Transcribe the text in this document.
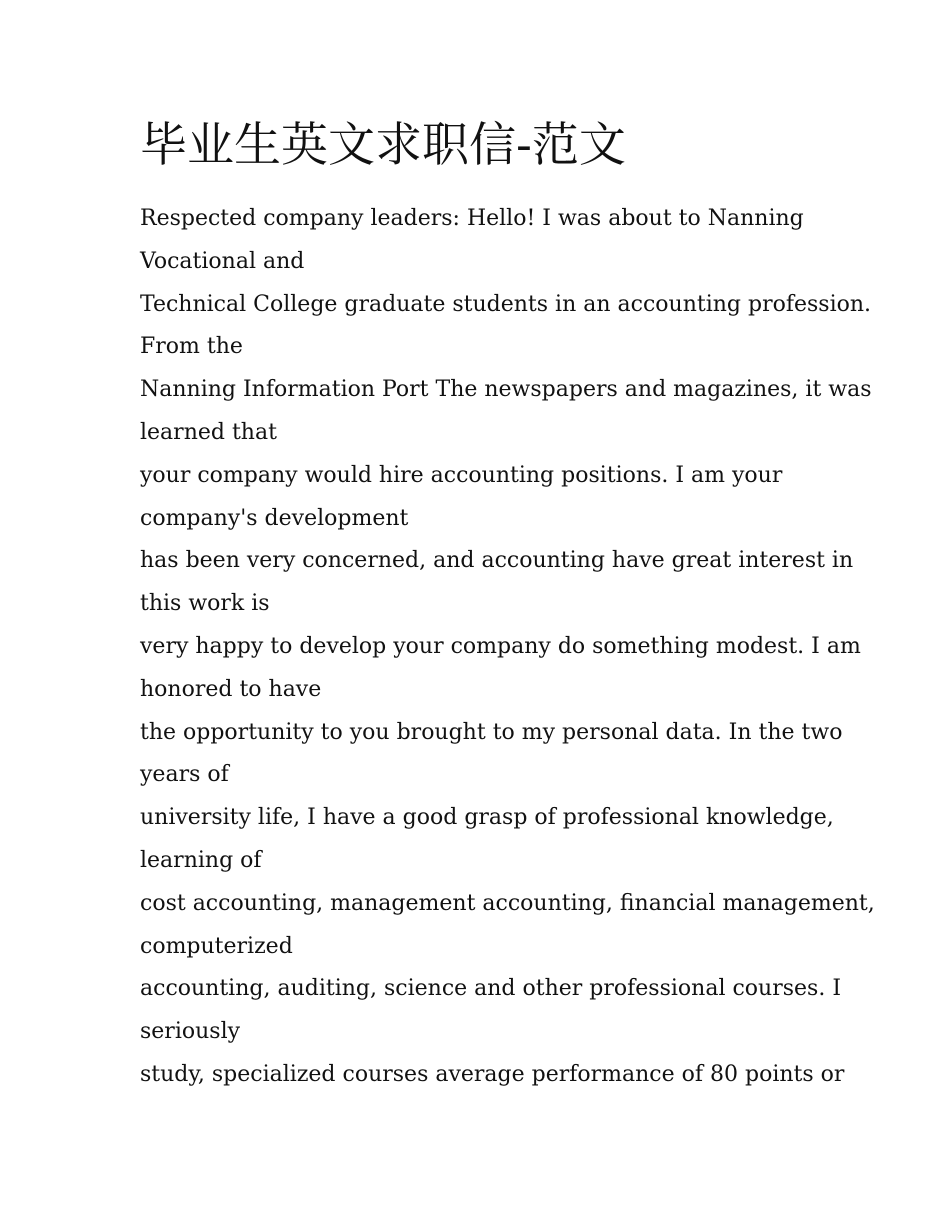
毕业生英文求职信-范文
Respected company leaders: Hello! I was about to Nanning
Vocational and
Technical College graduate students in an accounting profession.
From the
Nanning Information Port The newspapers and magazines, it was
learned that
your company would hire accounting positions. I am your
company's development
has been very concerned, and accounting have great interest in
this work is
very happy to develop your company do something modest. I am
honored to have
the opportunity to you brought to my personal data. In the two
years of
university life, I have a good grasp of professional knowledge,
learning of
cost accounting, management accounting, financial management,
computerized
accounting, auditing, science and other professional courses. I
seriously
study, specialized courses average performance of 80 points or
